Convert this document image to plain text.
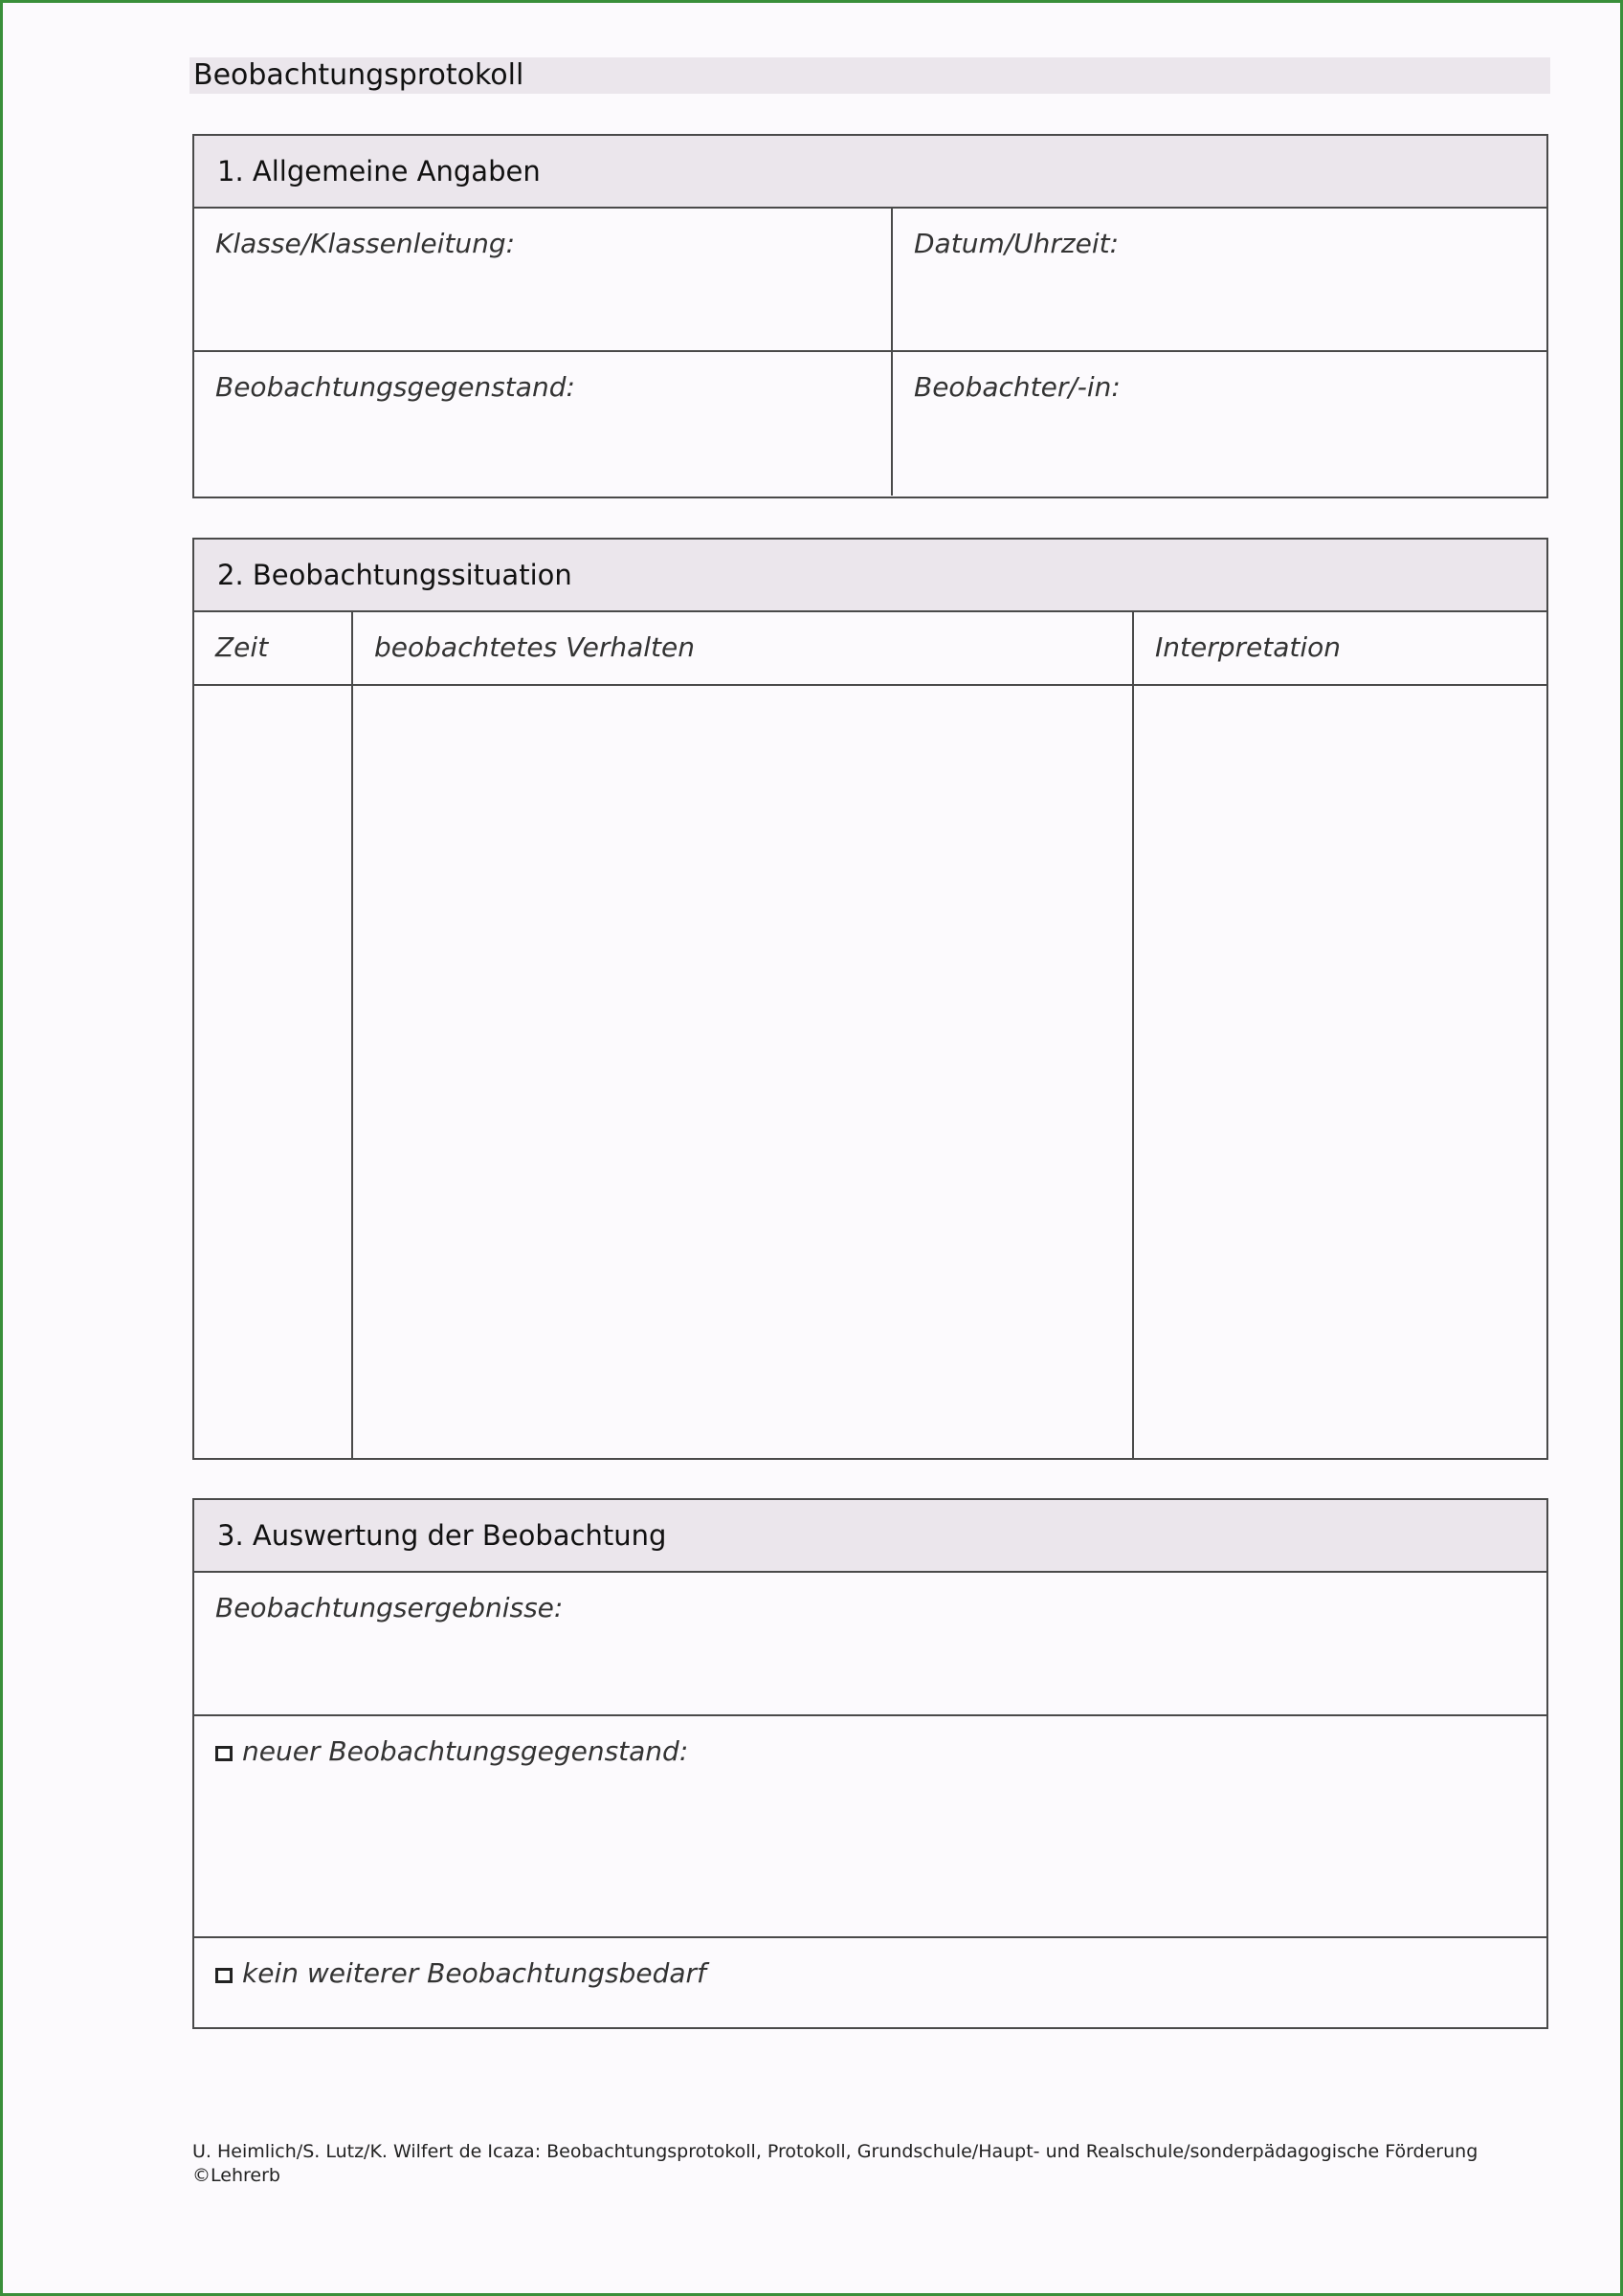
Beobachtungsprotokoll
1. Allgemeine Angaben
Klasse/Klassenleitung:	Datum/Uhrzeit:
Beobachtungsgegenstand:	Beobachter/-in:
2. Beobachtungssituation
Zeit	beobachtetes Verhalten	Interpretation
3. Auswertung der Beobachtung
Beobachtungsergebnisse:
neuer Beobachtungsgegenstand:
kein weiterer Beobachtungsbedarf
U. Heimlich/S. Lutz/K. Wilfert de Icaza: Beobachtungsprotokoll, Protokoll, Grundschule/Haupt- und Realschule/sonderpädagogische Förderung
©Lehrerb
